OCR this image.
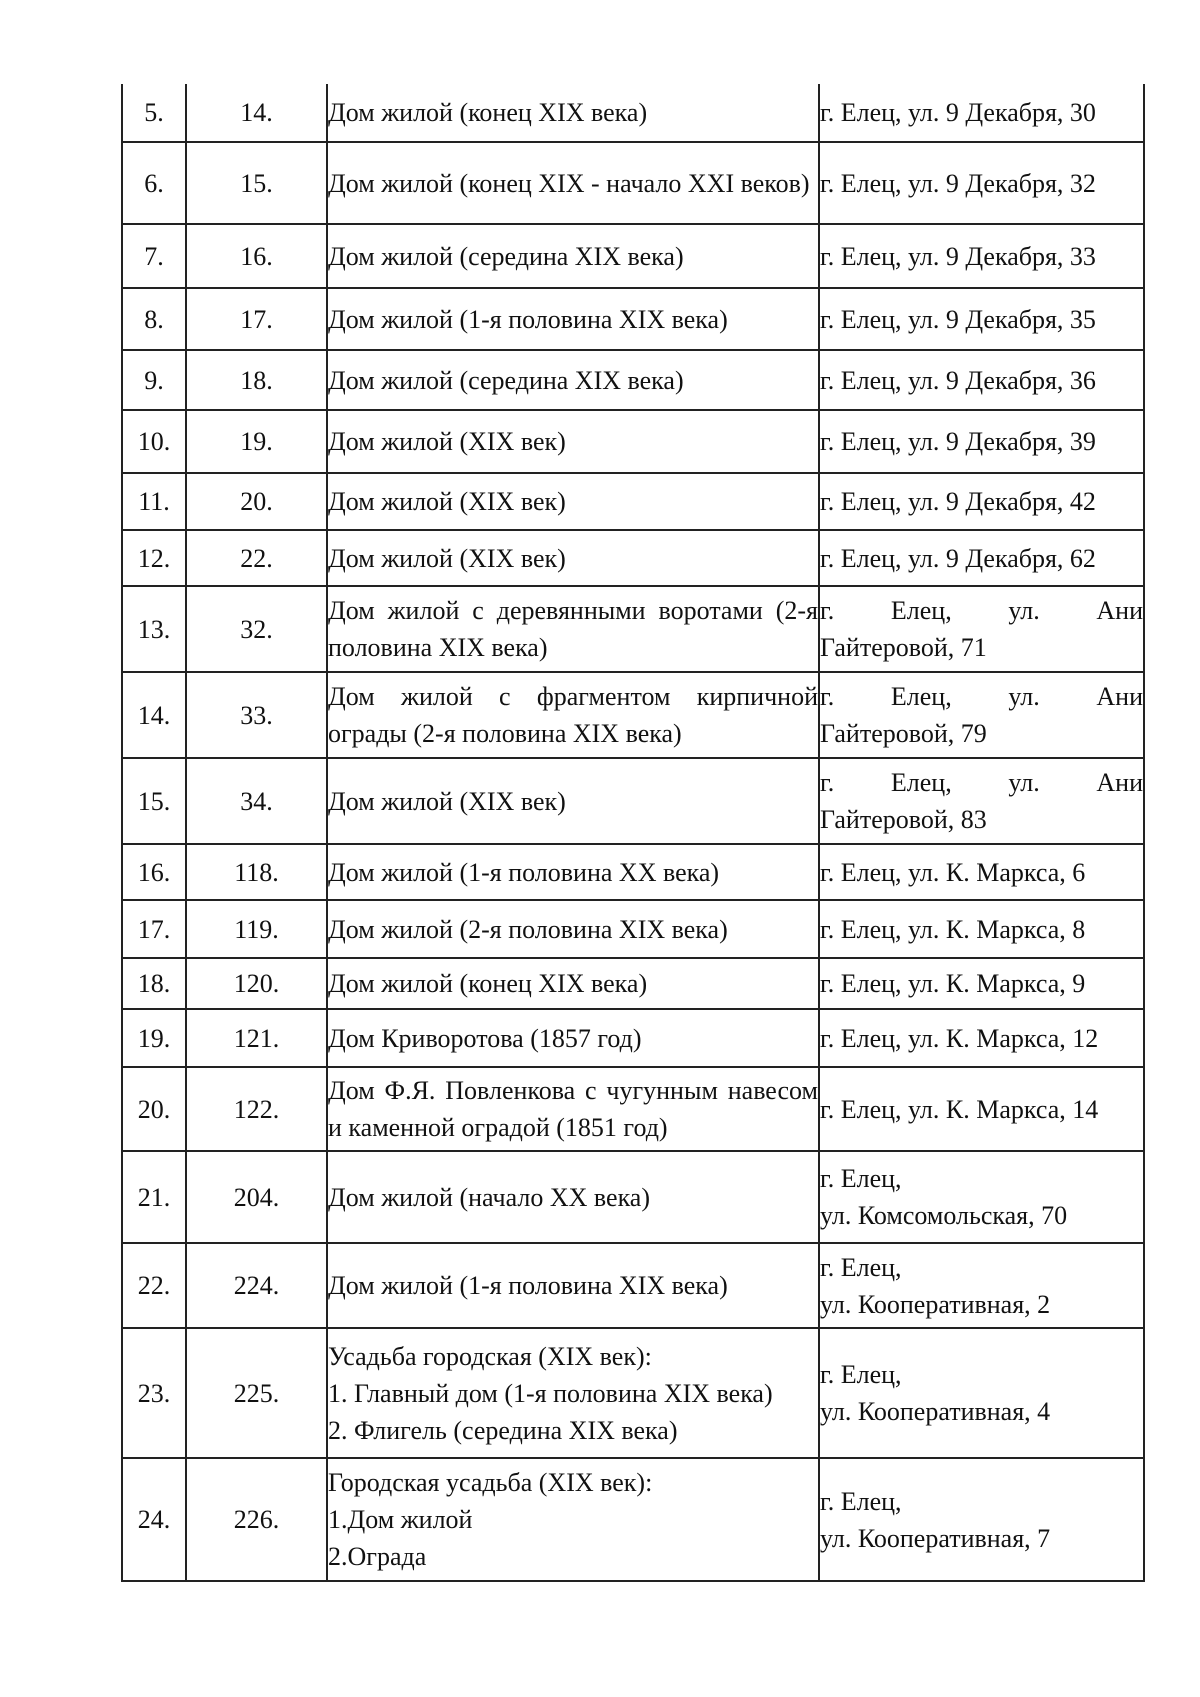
5.	14.	Дом жилой (конец XIX века)	г. Елец, ул. 9 Декабря, 30
6.	15.	Дом жилой (конец XIX - начало XXI веков)	г. Елец, ул. 9 Декабря, 32
7.	16.	Дом жилой (середина XIX века)	г. Елец, ул. 9 Декабря, 33
8.	17.	Дом жилой (1-я половина XIX века)	г. Елец, ул. 9 Декабря, 35
9.	18.	Дом жилой (середина XIX века)	г. Елец, ул. 9 Декабря, 36
10.	19.	Дом жилой (XIX век)	г. Елец, ул. 9 Декабря, 39
11.	20.	Дом жилой (XIX век)	г. Елец, ул. 9 Декабря, 42
12.	22.	Дом жилой (XIX век)	г. Елец, ул. 9 Декабря, 62
13.	32.	Дом жилой с деревянными воротами (2-я половина XIX века)	г. Елец, ул. Ани
Гайтеровой, 71

14.	33.	Дом жилой с фрагментом кирпичной ограды (2-я половина XIX века)	г. Елец, ул. Ани
Гайтеровой, 79

15.	34.	Дом жилой (XIX век)	г. Елец, ул. Ани
Гайтеровой, 83

16.	118.	Дом жилой (1-я половина XX века)	г. Елец, ул. К. Маркса, 6
17.	119.	Дом жилой (2-я половина XIX века)	г. Елец, ул. К. Маркса, 8
18.	120.	Дом жилой (конец XIX века)	г. Елец, ул. К. Маркса, 9
19.	121.	Дом Криворотова (1857 год)	г. Елец, ул. К. Маркса, 12
20.	122.	Дом Ф.Я. Повленкова с чугунным навесом и каменной оградой (1851 год)	г. Елец, ул. К. Маркса, 14
21.	204.	Дом жилой (начало XX века)	г. Елец,
ул. Комсомольская, 70

22.	224.	Дом жилой (1-я половина XIX века)	г. Елец,
ул. Кооперативная, 2

23.	225.	Усадьба городская (XIX век):
1. Главный дом (1-я половина XIX века)
2. Флигель (середина XIX века)	г. Елец,
ул. Кооперативная, 4

24.	226.	Городская усадьба (XIX век):
1.Дом жилой
2.Ограда	г. Елец,
ул. Кооперативная, 7
